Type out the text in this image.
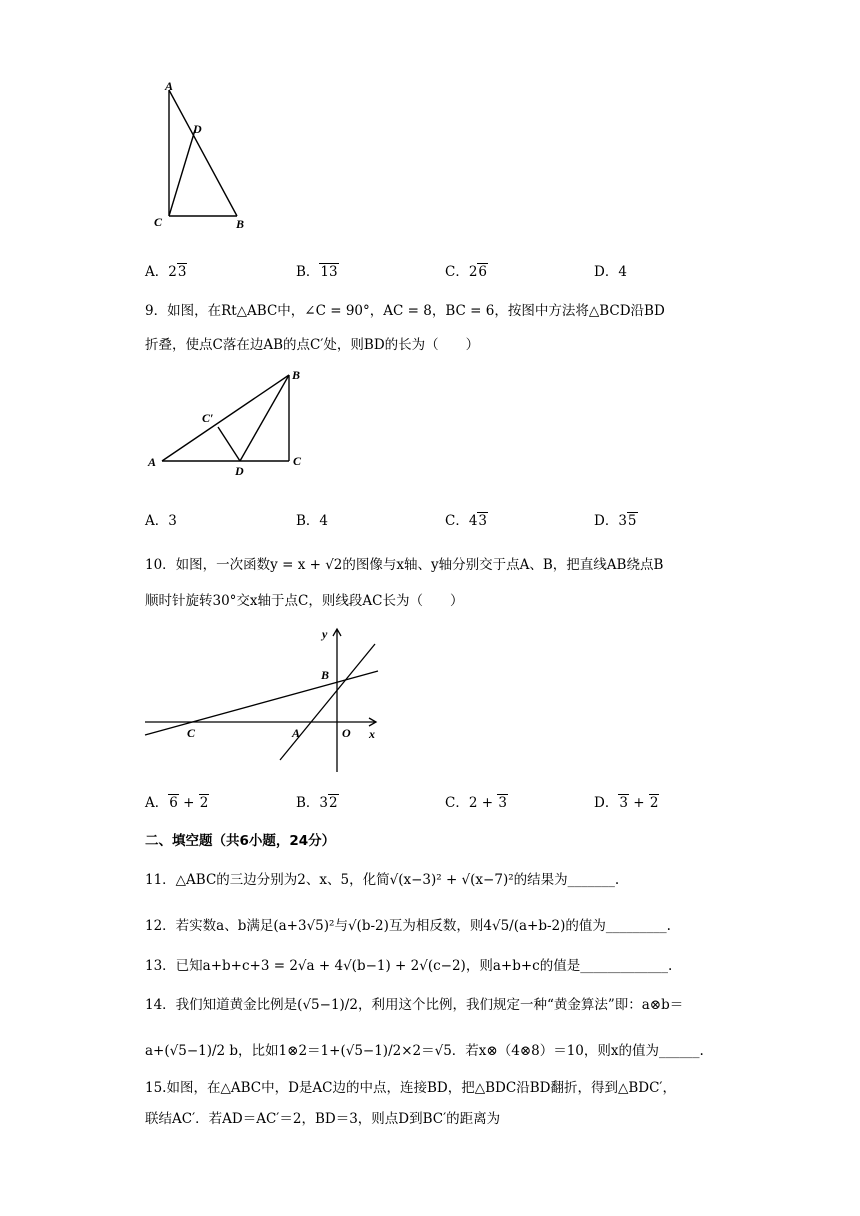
A
D
C	B
A．23	B．13	C．26	D．4
9．如图，在Rt△ABC中，∠C = 90°，AC = 8，BC = 6，按图中方法将△BCD沿BD
折叠，使点C落在边AB的点C′处，则BD的长为（　　）
B
C′
A
D
C
A．3	B．4	C．43	D．35
10．如图，一次函数y = x + √2的图像与x轴、y轴分别交于点A、B，把直线AB绕点B
顺时针旋转30°交x轴于点C，则线段AC长为（　　）
y
x
B
C	A	O
A．6 + 2	B．32	C．2 + 3	D．3 + 2
二、填空题（共6小题，24分）
11．△ABC的三边分别为2、x、5，化简√(x−3)² + √(x−7)²的结果为_______.
12．若实数a、b满足(a+3√5)²与√(b-2)互为相反数，则4√5/(a+b-2)的值为_________.
13．已知a+b+c+3 = 2√a + 4√(b−1) + 2√(c−2)，则a+b+c的值是_____________.
14．我们知道黄金比例是(√5−1)/2，利用这个比例，我们规定一种“黄金算法”即：a⊗b＝
a+(√5−1)/2 b，比如1⊗2＝1+(√5−1)/2×2＝√5．若x⊗（4⊗8）＝10，则x的值为______.
15.如图，在△ABC中，D是AC边的中点，连接BD，把△BDC沿BD翻折，得到△BDC′，
联结AC′．若AD＝AC′＝2，BD＝3，则点D到BC′的距离为
